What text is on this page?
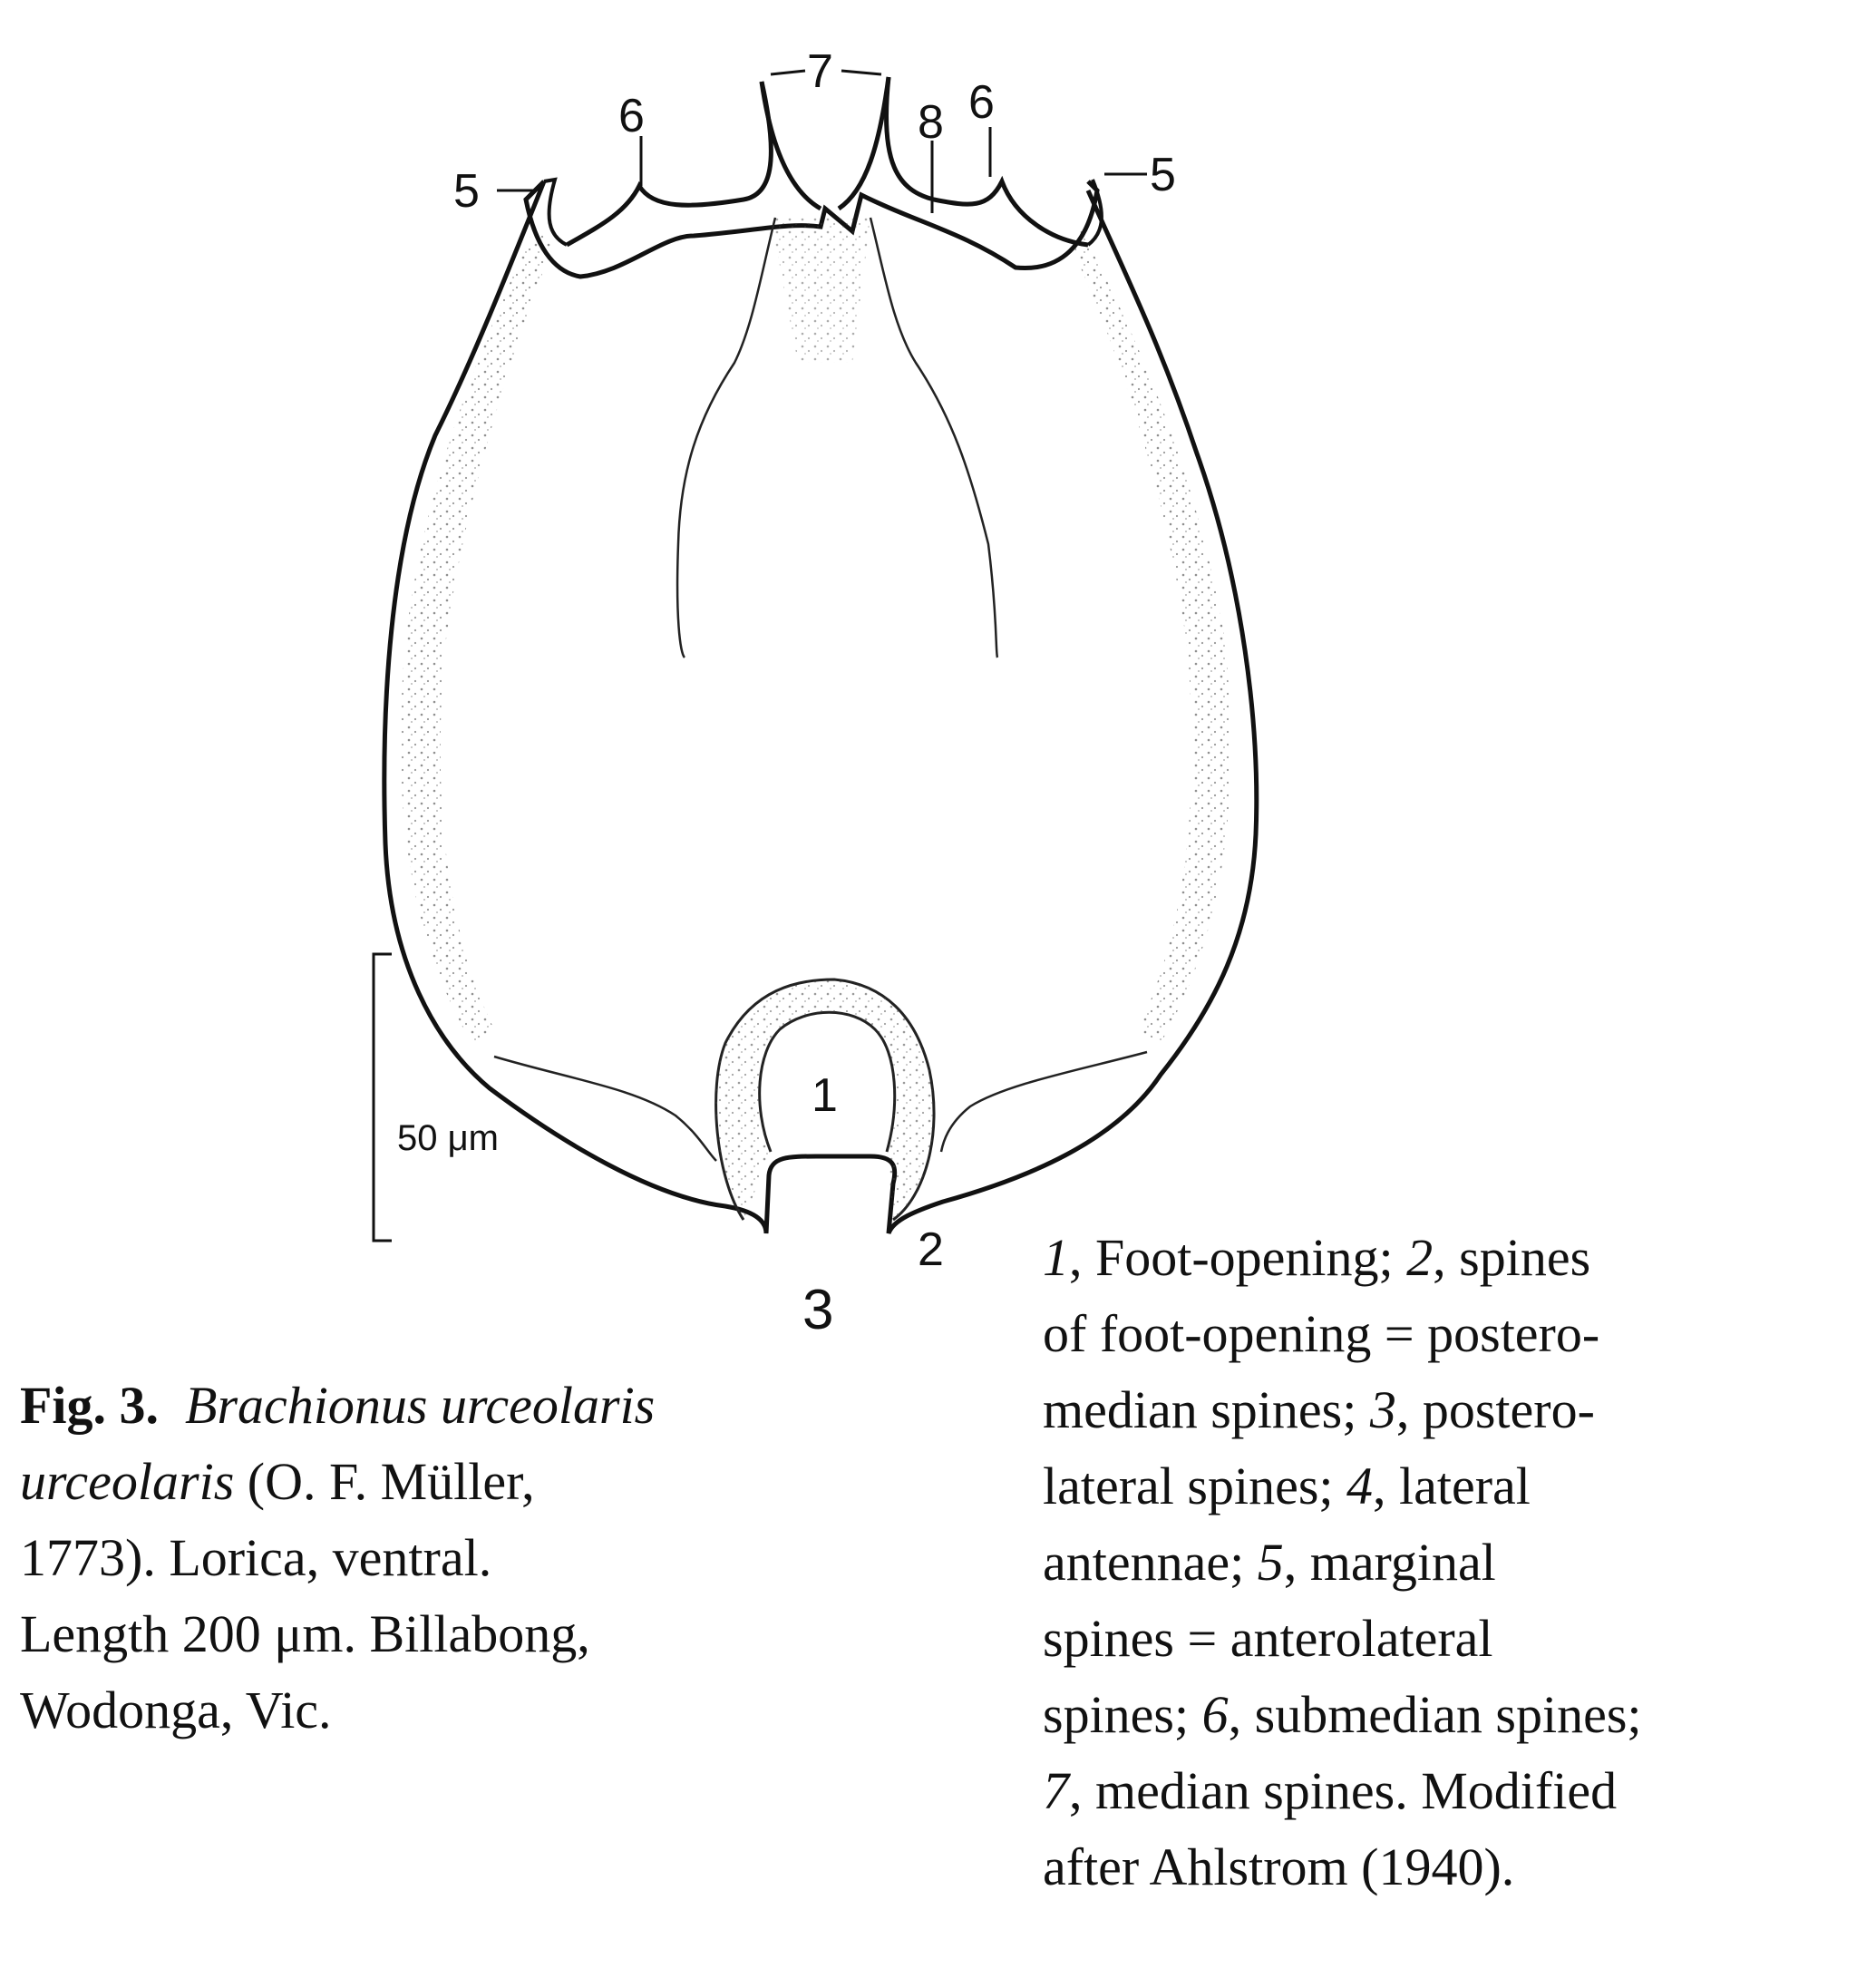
5
6
7
8 6
5
1
2
3
50 μm
Fig. 3. Brachionus urceolaris
urceolaris (O. F. Müller,
1773). Lorica, ventral.
Length 200 μm. Billabong,
Wodonga, Vic.
1, Foot-opening; 2, spines
of foot-opening = postero-
median spines; 3, postero-
lateral spines; 4, lateral
antennae; 5, marginal
spines = anterolateral
spines; 6, submedian spines;
7, median spines. Modified
after Ahlstrom (1940).
